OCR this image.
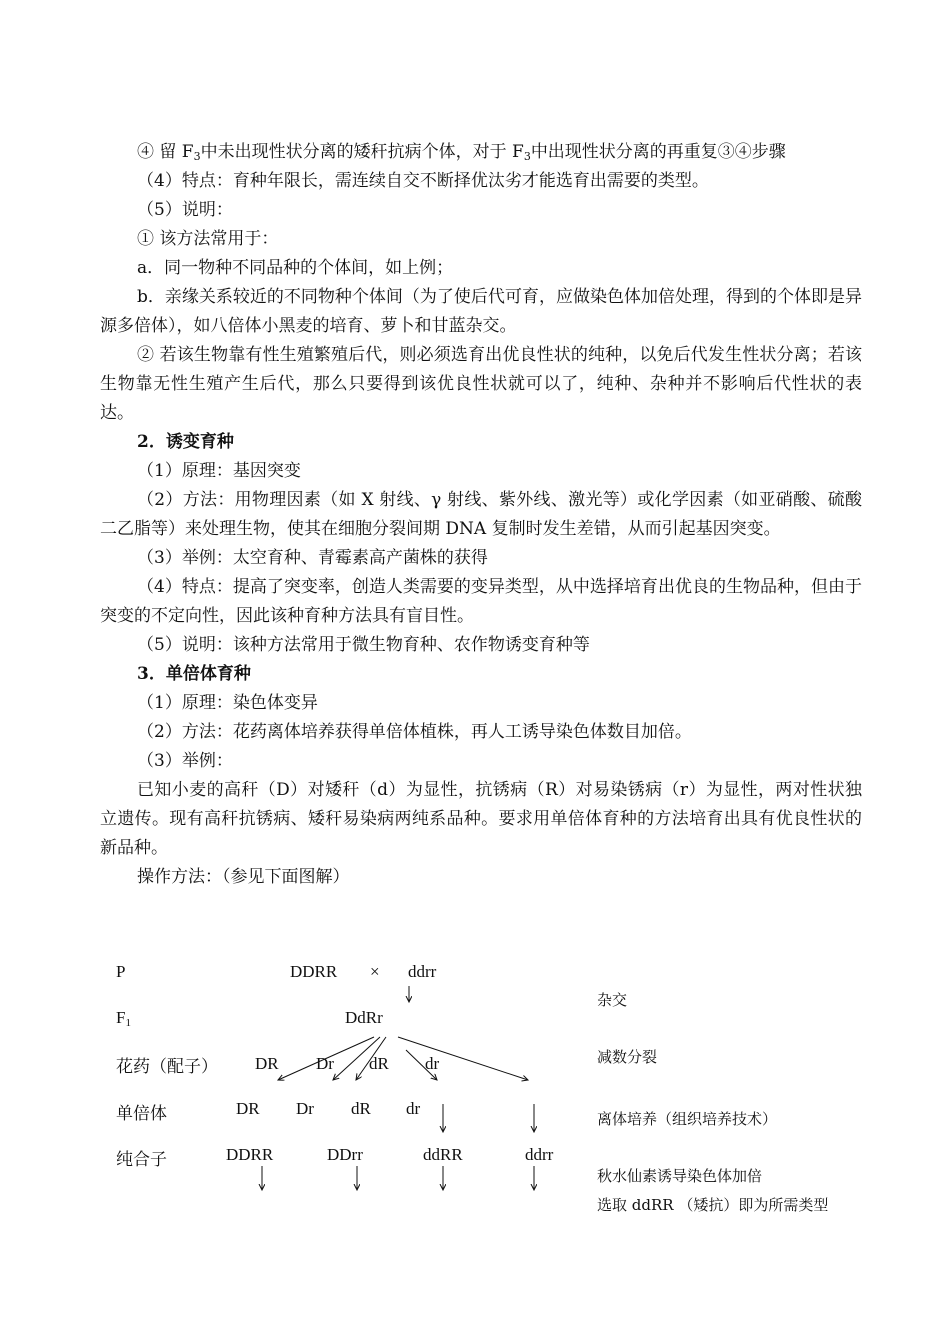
④ 留 $F_3$中未出现性状分离的矮秆抗病个体，对于 $F_3$中出现性状分离的再重复③④步骤

（4）特点：育种年限长，需连续自交不断择优汰劣才能选育出需要的类型。

（5）说明：

① 该方法常用于：

a．同一物种不同品种的个体间，如上例；

b．亲缘关系较近的不同物种个体间（为了使后代可育，应做染色体加倍处理，得到的个体即是异源多倍体），如八倍体小黑麦的培育、萝卜和甘蓝杂交。

② 若该生物靠有性生殖繁殖后代，则必须选育出优良性状的纯种，以免后代发生性状分离；若该生物靠无性生殖产生后代，那么只要得到该优良性状就可以了，纯种、杂种并不影响后代性状的表达。

2．诱变育种

（1）原理：基因突变

（2）方法：用物理因素（如 X 射线、γ 射线、紫外线、激光等）或化学因素（如亚硝酸、硫酸二乙脂等）来处理生物，使其在细胞分裂间期 DNA 复制时发生差错，从而引起基因突变。

（3）举例：太空育种、青霉素高产菌株的获得

（4）特点：提高了突变率，创造人类需要的变异类型，从中选择培育出优良的生物品种，但由于突变的不定向性，因此该种育种方法具有盲目性。

（5）说明：该种方法常用于微生物育种、农作物诱变育种等

3．单倍体育种

（1）原理：染色体变异

（2）方法：花药离体培养获得单倍体植株，再人工诱导染色体数目加倍。

（3）举例：

已知小麦的高秆（D）对矮秆（d）为显性，抗锈病（R）对易染锈病（r）为显性，两对性状独立遗传。现有高秆抗锈病、矮秆易染病两纯系品种。要求用单倍体育种的方法培育出具有优良性状的新品种。

操作方法：（参见下面图解）

P
$F_1$
花药（配子）
单倍体
纯合子
DDRR × ddrr
DdRr
DR Dr dR dr
DR Dr dR dr
DDRR	DDrr	ddRR	ddrr
杂交
减数分裂
离体培养（组织培养技术）
秋水仙素诱导染色体加倍
选取 ddRR （矮抗）即为所需类型
